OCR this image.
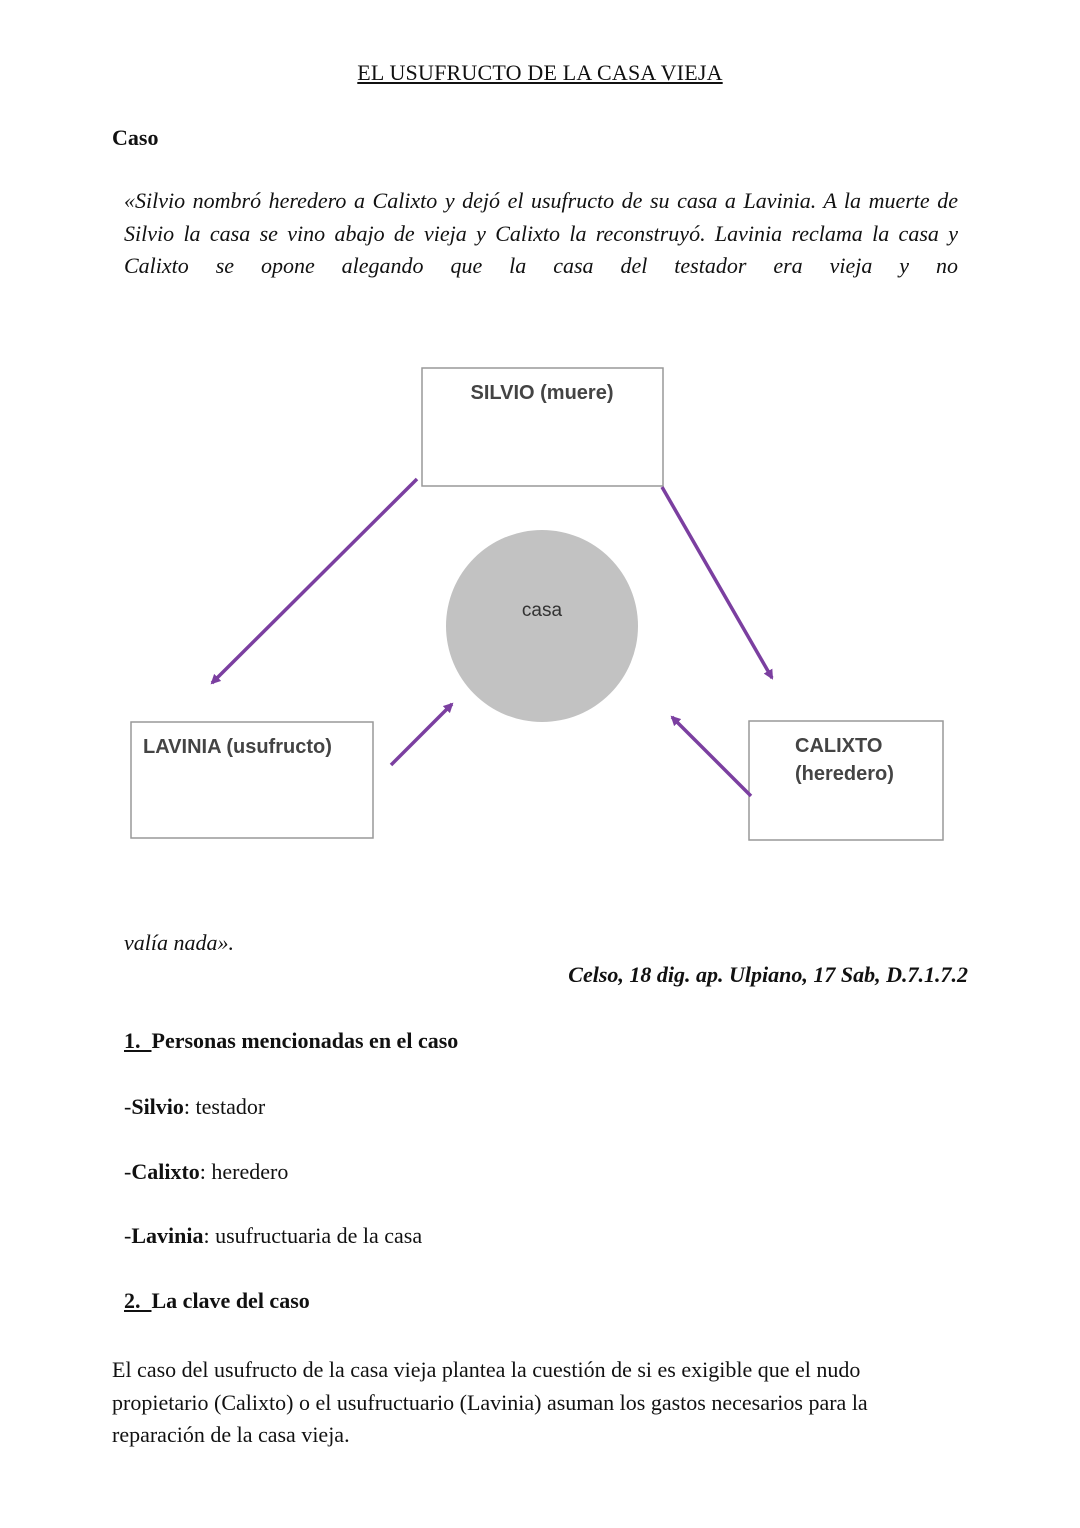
EL USUFRUCTO DE LA CASA VIEJA
Caso
«Silvio nombró heredero a Calixto y dejó el usufructo de su casa a Lavinia. A la muerte de Silvio la casa se vino abajo de vieja y Calixto la reconstruyó. Lavinia reclama la casa y Calixto se opone alegando que la casa del testador era vieja y no
SILVIO (muere)
LAVINIA (usufructo)	CALIXTO
(heredero)
casa
valía nada».
Celso, 18 dig. ap. Ulpiano, 17 Sab, D.7.1.7.2
1.  Personas mencionadas en el caso
-Silvio: testador
-Calixto: heredero
-Lavinia: usufructuaria de la casa
2.  La clave del caso
El caso del usufructo de la casa vieja plantea la cuestión de si es exigible que el nudo propietario (Calixto) o el usufructuario (Lavinia) asuman los gastos necesarios para la reparación de la casa vieja.
